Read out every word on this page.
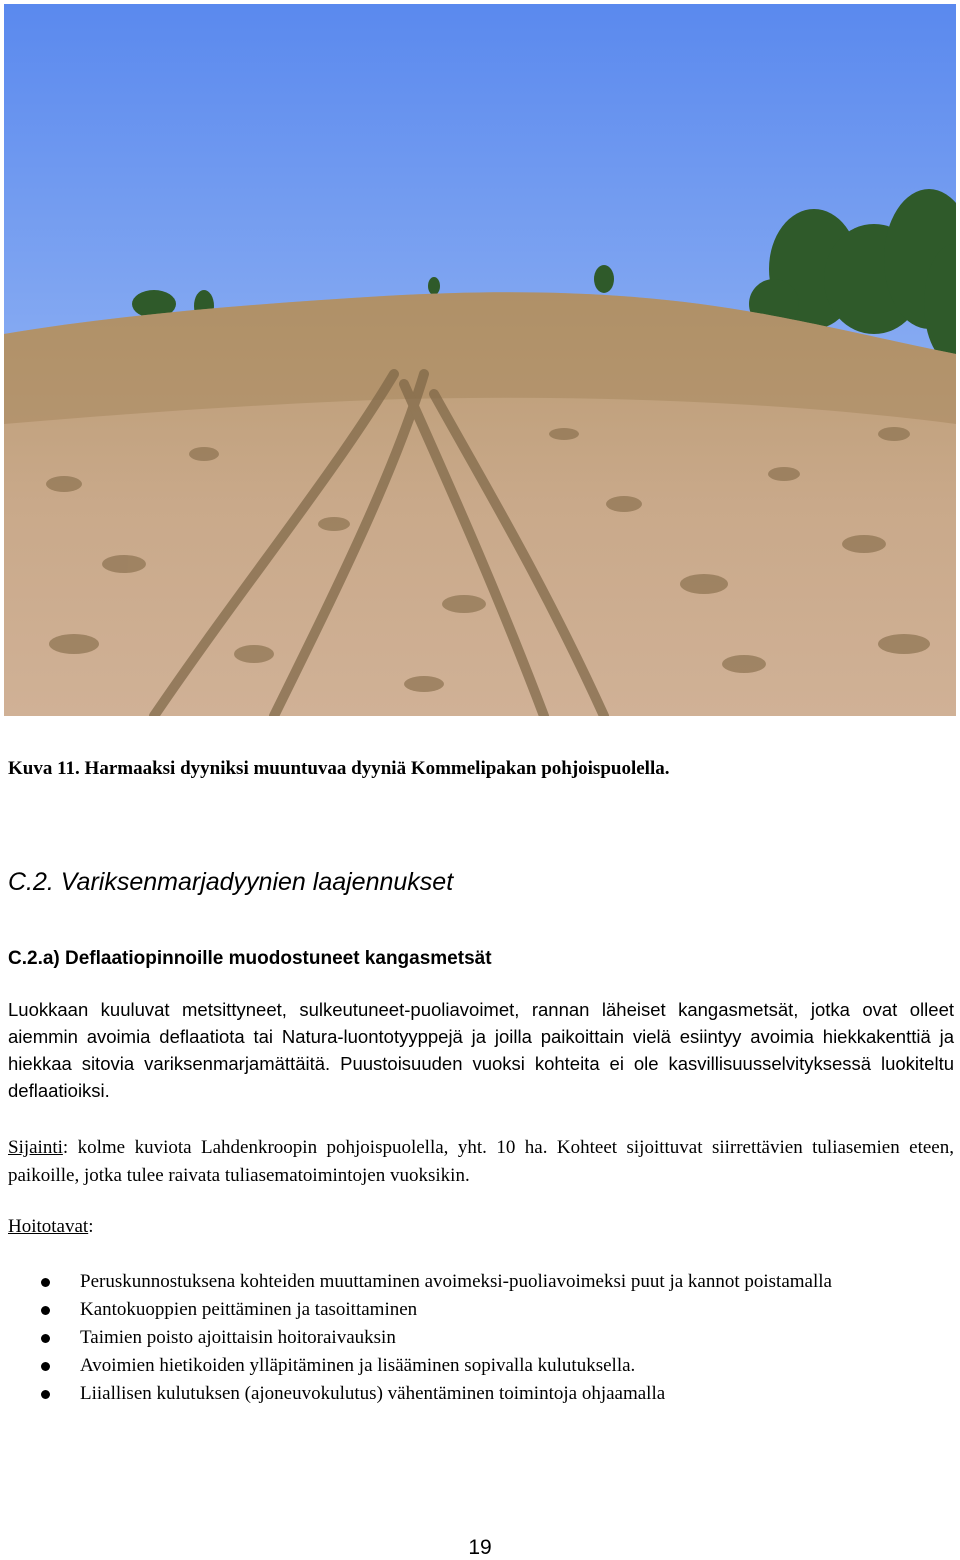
Kuva 11. Harmaaksi dyyniksi muuntuvaa dyyniä Kommelipakan pohjoispuolella.
C.2. Variksenmarjadyynien laajennukset
C.2.a) Deflaatiopinnoille muodostuneet kangasmetsät
Luokkaan kuuluvat metsittyneet, sulkeutuneet-puoliavoimet, rannan läheiset kangasmetsät, jotka ovat olleet aiemmin avoimia deflaatiota tai Natura-luontotyyppejä ja joilla paikoittain vielä esiintyy avoimia hiekkakenttiä ja hiekkaa sitovia variksenmarjamättäitä. Puustoisuuden vuoksi kohteita ei ole kasvillisuusselvityksessä luokiteltu deflaatioiksi.
Sijainti: kolme kuviota Lahdenkroopin pohjoispuolella, yht. 10 ha. Kohteet sijoittuvat siirrettävien tuliasemien eteen, paikoille, jotka tulee raivata tuliasematoimintojen vuoksikin.
Hoitotavat:
Peruskunnostuksena kohteiden muuttaminen avoimeksi-puoliavoimeksi puut ja kannot poistamalla
Kantokuoppien peittäminen ja tasoittaminen
Taimien poisto ajoittaisin hoitoraivauksin
Avoimien hietikoiden ylläpitäminen ja lisääminen sopivalla kulutuksella.
Liiallisen kulutuksen (ajoneuvokulutus) vähentäminen toimintoja ohjaamalla
19
